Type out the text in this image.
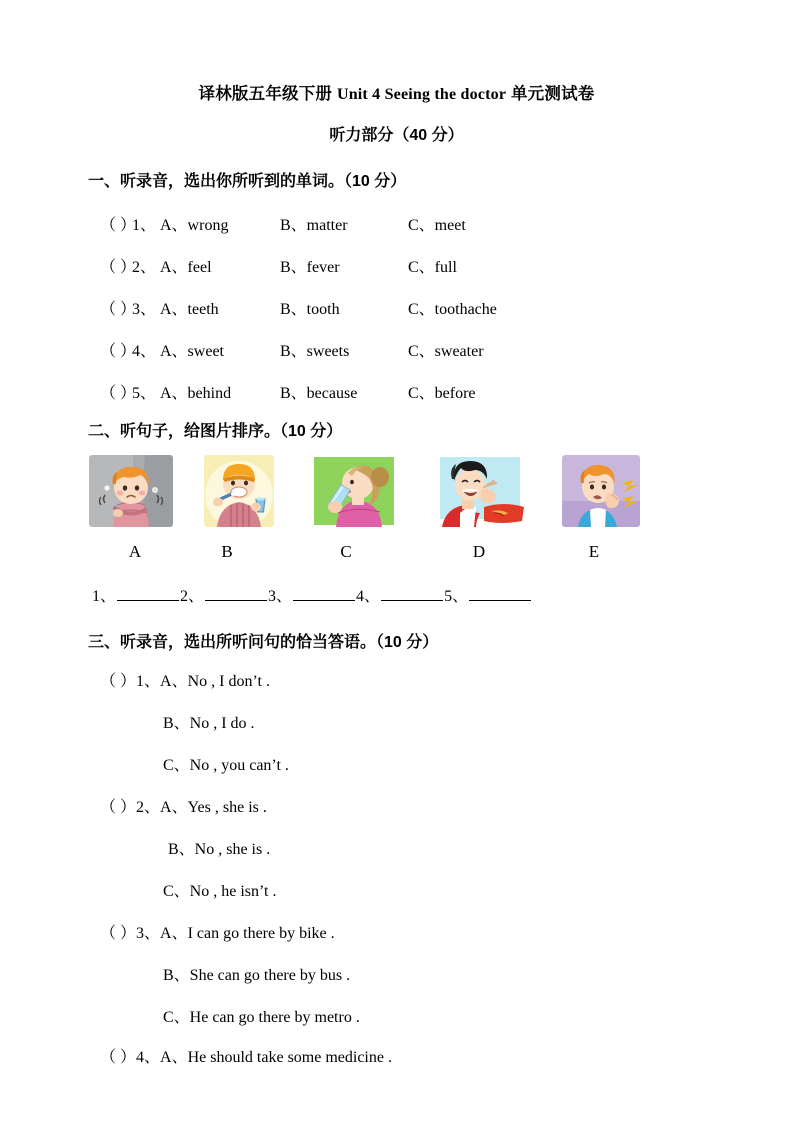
译林版五年级下册 Unit 4 Seeing the doctor 单元测试卷
听力部分（40 分）
一、听录音，选出你所听到的单词。（10 分）
（ ）1、 A、wrong	B、matter	C、meet
（ ）2、 A、feel	B、fever	C、full
（ ）3、 A、teeth	B、tooth	C、toothache
（ ）4、 A、sweet	B、sweets	C、sweater
（ ）5、 A、behind	B、because	C、before
二、听句子，给图片排序。（10 分）
A	B	C	D	E
1、	2、	3、	4、	5、
三、听录音，选出所听问句的恰当答语。（10 分）
（ ）1、A、No , I don’t .
B、No , I do .
C、No , you can’t .
（ ）2、A、Yes , she is .
B、No , she is .
C、No , he isn’t .
（ ）3、A、I can go there by bike .
B、She can go there by bus .
C、He can go there by metro .
（ ）4、A、He should take some medicine .
